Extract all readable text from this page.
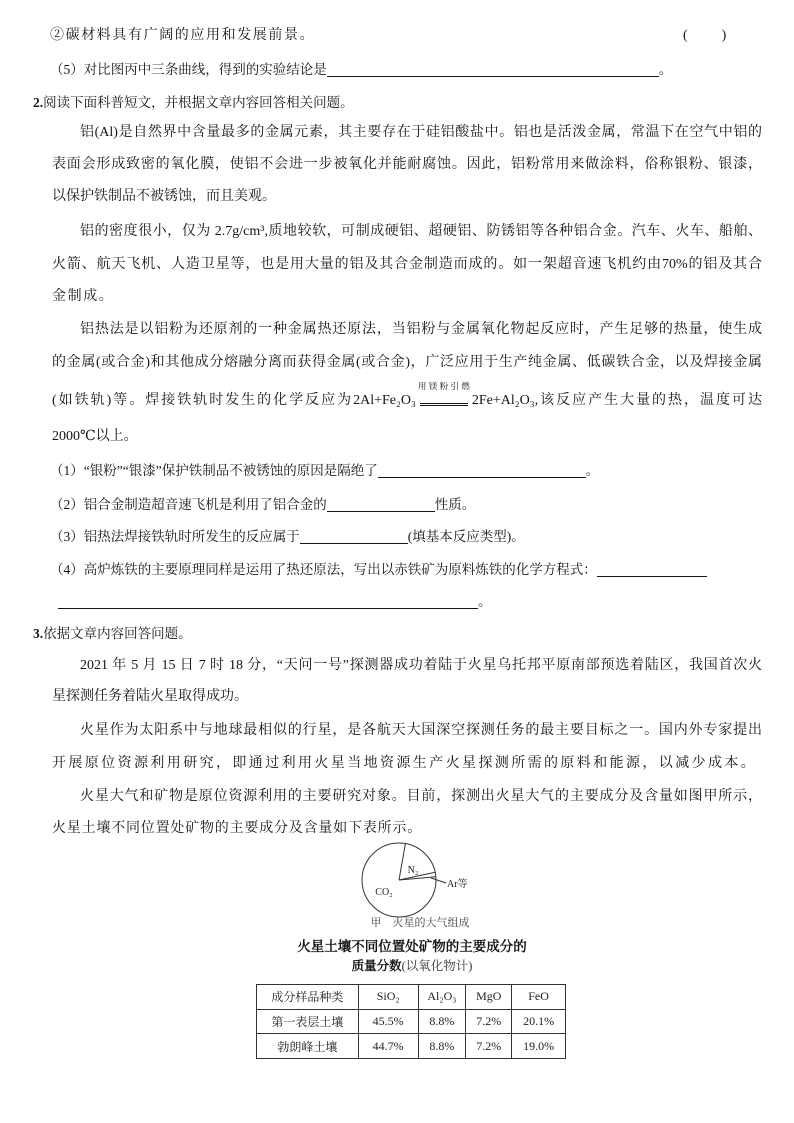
②碳材料具有广阔的应用和发展前景。	(　　)
（5）对比图丙中三条曲线，得到的实验结论是	。
2.阅读下面科普短文，并根据文章内容回答相关问题。
铝(Al)是自然界中含量最多的金属元素，其主要存在于硅铝酸盐中。铝也是活泼金属，常温下在空气中铝的
表面会形成致密的氧化膜，使铝不会进一步被氧化并能耐腐蚀。因此，铝粉常用来做涂料，俗称银粉、银漆，
以保护铁制品不被锈蚀，而且美观。
铝的密度很小，仅为 2.7g/cm³,质地较软，可制成硬铝、超硬铝、防锈铝等各种铝合金。汽车、火车、船舶、
火箭、航天飞机、人造卫星等，也是用大量的铝及其合金制造而成的。如一架超音速飞机约由70%的铝及其合
金制成。
铝热法是以铝粉为还原剂的一种金属热还原法，当铝粉与金属氧化物起反应时，产生足够的热量，使生成
的金属(或合金)和其他成分熔融分离而获得金属(或合金)，广泛应用于生产纯金属、低碳铁合金，以及焊接金属
(如铁轨)等。焊接铁轨时发生的化学反应为2Al+Fe₂O₃
用镁粉引燃
2Fe+Al₂O₃,该反应产生大量的热，温度可达
2000℃以上。
（1）“银粉”“银漆”保护铁制品不被锈蚀的原因是隔绝了	。
（2）铝合金制造超音速飞机是利用了铝合金的	性质。
（3）铝热法焊接铁轨时所发生的反应属于	(填基本反应类型)。
（4）高炉炼铁的主要原理同样是运用了热还原法，写出以赤铁矿为原料炼铁的化学方程式：
。
3.依据文章内容回答问题。
2021 年 5 月 15 日 7 时 18 分，“天问一号”探测器成功着陆于火星乌托邦平原南部预选着陆区，我国首次火
星探测任务着陆火星取得成功。
火星作为太阳系中与地球最相似的行星，是各航天大国深空探测任务的最主要目标之一。国内外专家提出
开展原位资源利用研究，即通过利用火星当地资源生产火星探测所需的原料和能源，以减少成本。
火星大气和矿物是原位资源利用的主要研究对象。目前，探测出火星大气的主要成分及含量如图甲所示，
火星土壤不同位置处矿物的主要成分及含量如下表所示。
N₂
CO₂
Ar等
甲　火星的大气组成
火星土壤不同位置处矿物的主要成分的
质量分数(以氧化物计)
成分样品种类	SiO₂	Al₂O₃	MgO	FeO
第一表层土壤	45.5%	8.8%	7.2%	20.1%
勃朗峰土壤	44.7%	8.8%	7.2%	19.0%
